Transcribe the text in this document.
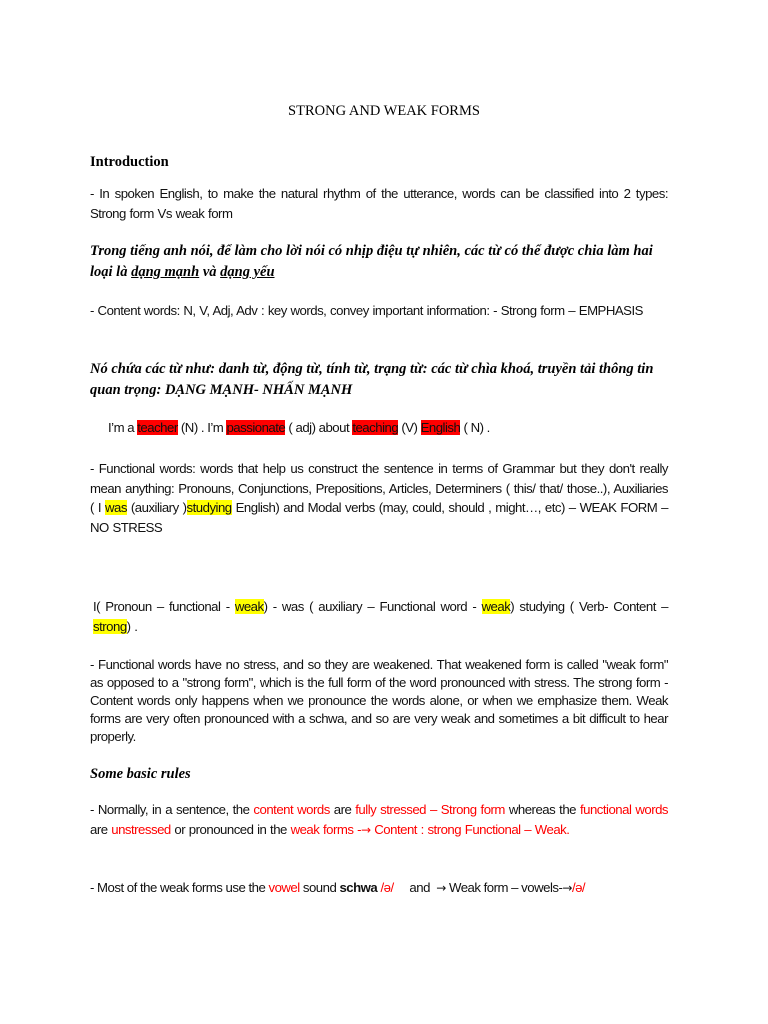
STRONG AND WEAK FORMS
Introduction
- In spoken English, to make the natural rhythm of the utterance, words can be classified into 2 types: Strong form Vs weak form
Trong tiếng anh nói, để làm cho lời nói có nhịp điệu tự nhiên, các từ có thể được chia làm hai loại là dạng mạnh và dạng yếu
- Content words: N, V, Adj, Adv : key words, convey important information: - Strong form – EMPHASIS
Nó chứa các từ như: danh từ, động từ, tính từ, trạng từ: các từ chìa khoá, truyền tải thông tin quan trọng: DẠNG MẠNH- NHẤN MẠNH
I’m a teacher (N) . I’m passionate ( adj) about teaching (V) English ( N) .
- Functional words: words that help us construct the sentence in terms of Grammar but they don't really mean anything: Pronouns, Conjunctions, Prepositions, Articles, Determiners ( this/ that/ those..), Auxiliaries ( I was (auxiliary )studying English) and Modal verbs (may, could, should , might…, etc) – WEAK FORM – NO STRESS
I( Pronoun – functional - weak) - was ( auxiliary – Functional word - weak) studying ( Verb- Content – strong) .
- Functional words have no stress, and so they are weakened. That weakened form is called "weak form" as opposed to a "strong form", which is the full form of the word pronounced with stress. The strong form - Content words only happens when we pronounce the words alone, or when we emphasize them. Weak forms are very often pronounced with a schwa, and so are very weak and sometimes a bit difficult to hear properly.
Some basic rules
- Normally, in a sentence, the content words are fully stressed – Strong form whereas the functional words are unstressed or pronounced in the weak forms -→ Content : strong Functional – Weak.
- Most of the weak forms use the vowel sound schwa /ə/     and  → Weak form – vowels-→/ə/
